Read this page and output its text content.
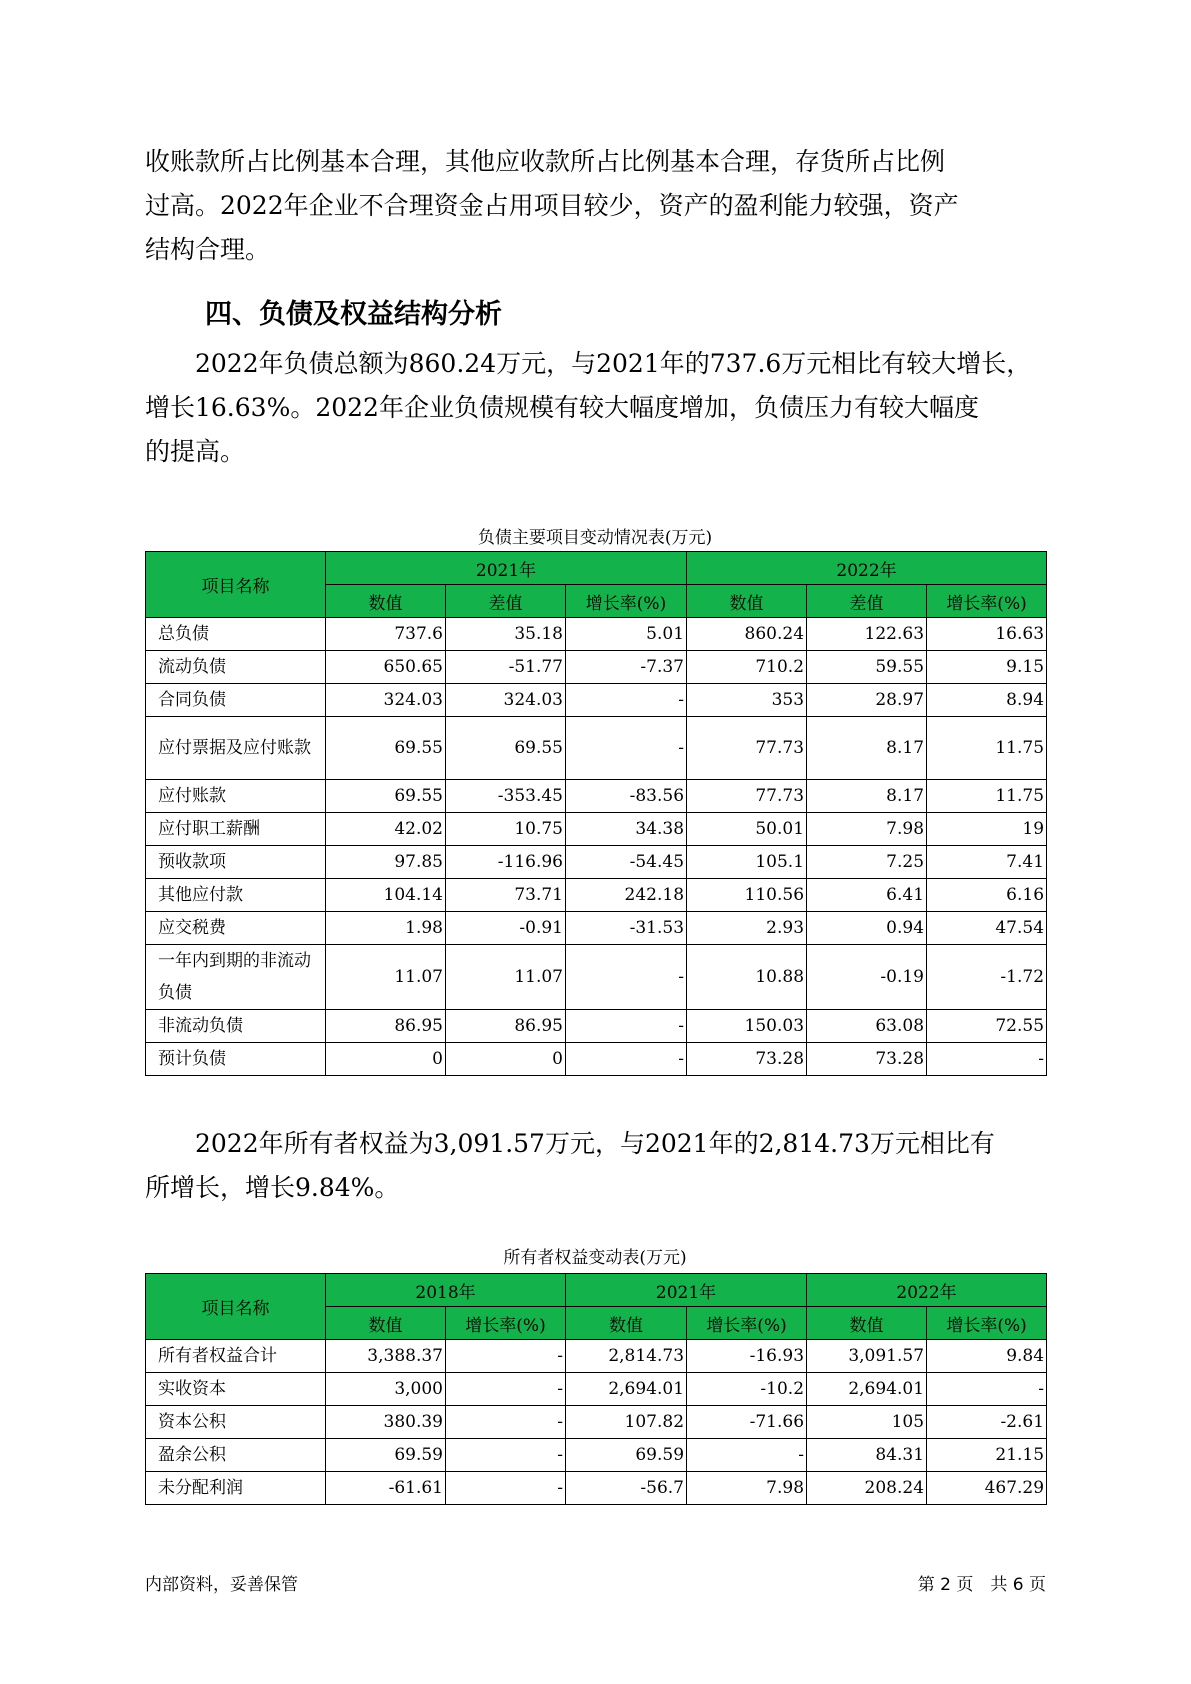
收账款所占比例基本合理，其他应收款所占比例基本合理，存货所占比例
过高。2022年企业不合理资金占用项目较少，资产的盈利能力较强，资产
结构合理。
四、负债及权益结构分析
　　2022年负债总额为860.24万元，与2021年的737.6万元相比有较大增长，
增长16.63%。2022年企业负债规模有较大幅度增加，负债压力有较大幅度
的提高。
负债主要项目变动情况表(万元)
项目名称	2021年			2022年		
	数值	差值	增长率(%)	数值	差值	增长率(%)
总负债	737.6	35.18	5.01	860.24	122.63	16.63
流动负债	650.65	-51.77	-7.37	710.2	59.55	9.15
合同负债	324.03	324.03	-	353	28.97	8.94
应付票据及应付账款	69.55	69.55	-	77.73	8.17	11.75
应付账款	69.55	-353.45	-83.56	77.73	8.17	11.75
应付职工薪酬	42.02	10.75	34.38	50.01	7.98	19
预收款项	97.85	-116.96	-54.45	105.1	7.25	7.41
其他应付款	104.14	73.71	242.18	110.56	6.41	6.16
应交税费	1.98	-0.91	-31.53	2.93	0.94	47.54
一年内到期的非流动负债	11.07	11.07	-	10.88	-0.19	-1.72
非流动负债	86.95	86.95	-	150.03	63.08	72.55
预计负债	0	0	-	73.28	73.28	-
　　2022年所有者权益为3,091.57万元，与2021年的2,814.73万元相比有
所增长，增长9.84%。
所有者权益变动表(万元)
项目名称	2018年		2021年		2022年	
	数值	增长率(%)	数值	增长率(%)	数值	增长率(%)
所有者权益合计	3,388.37	-	2,814.73	-16.93	3,091.57	9.84
实收资本	3,000	-	2,694.01	-10.2	2,694.01	-
资本公积	380.39	-	107.82	-71.66	105	-2.61
盈余公积	69.59	-	69.59	-	84.31	21.15
未分配利润	-61.61	-	-56.7	7.98	208.24	467.29
内部资料，妥善保管	第 2 页　共 6 页
